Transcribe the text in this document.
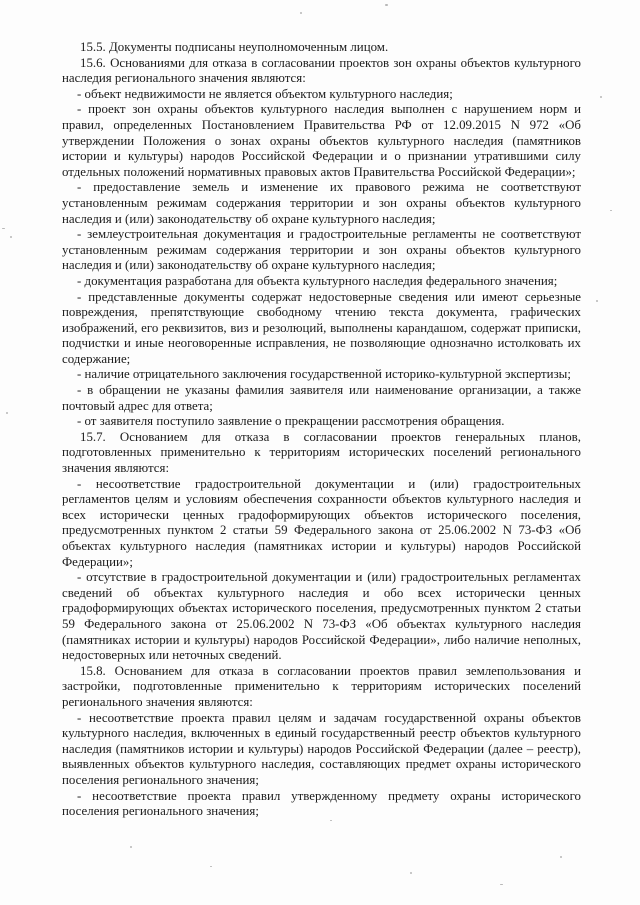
15.5. Документы подписаны неуполномоченным лицом.

15.6. Основаниями для отказа в согласовании проектов зон охраны объектов культурного наследия регионального значения являются:

- объект недвижимости не является объектом культурного наследия;

- проект зон охраны объектов культурного наследия выполнен с нарушением норм и правил, определенных Постановлением Правительства РФ от 12.09.2015 N 972 «Об утверждении Положения о зонах охраны объектов культурного наследия (памятников истории и культуры) народов Российской Федерации и о признании утратившими силу отдельных положений нормативных правовых актов Правительства Российской Федерации»;

- предоставление земель и изменение их правового режима не соответствуют установленным режимам содержания территории и зон охраны объектов культурного наследия и (или) законодательству об охране культурного наследия;

- землеустроительная документация и градостроительные регламенты не соответствуют установленным режимам содержания территории и зон охраны объектов культурного наследия и (или) законодательству об охране культурного наследия;

- документация разработана для объекта культурного наследия федерального значения;

- представленные документы содержат недостоверные сведения или имеют серьезные повреждения, препятствующие свободному чтению текста документа, графических изображений, его реквизитов, виз и резолюций, выполнены карандашом, содержат приписки, подчистки и иные неоговоренные исправления, не позволяющие однозначно истолковать их содержание;

- наличие отрицательного заключения государственной историко-культурной экспертизы;

- в обращении не указаны фамилия заявителя или наименование организации, а также почтовый адрес для ответа;

- от заявителя поступило заявление о прекращении рассмотрения обращения.

15.7. Основанием для отказа в согласовании проектов генеральных планов, подготовленных применительно к территориям исторических поселений регионального значения являются:

- несоответствие градостроительной документации и (или) градостроительных регламентов целям и условиям обеспечения сохранности объектов культурного наследия и всех исторически ценных градоформирующих объектов исторического поселения, предусмотренных пунктом 2 статьи 59 Федерального закона от 25.06.2002 N 73-ФЗ «Об объектах культурного наследия (памятниках истории и культуры) народов Российской Федерации»;

- отсутствие в градостроительной документации и (или) градостроительных регламентах сведений об объектах культурного наследия и обо всех исторически ценных градоформирующих объектах исторического поселения, предусмотренных пунктом 2 статьи 59 Федерального закона от 25.06.2002 N 73-ФЗ «Об объектах культурного наследия (памятниках истории и культуры) народов Российской Федерации», либо наличие неполных, недостоверных или неточных сведений.

15.8. Основанием для отказа в согласовании проектов правил землепользования и застройки, подготовленные применительно к территориям исторических поселений регионального значения являются:

- несоответствие проекта правил целям и задачам государственной охраны объектов культурного наследия, включенных в единый государственный реестр объектов культурного наследия (памятников истории и культуры) народов Российской Федерации (далее – реестр), выявленных объектов культурного наследия, составляющих предмет охраны исторического поселения регионального значения;

- несоответствие проекта правил утвержденному предмету охраны исторического поселения регионального значения;
